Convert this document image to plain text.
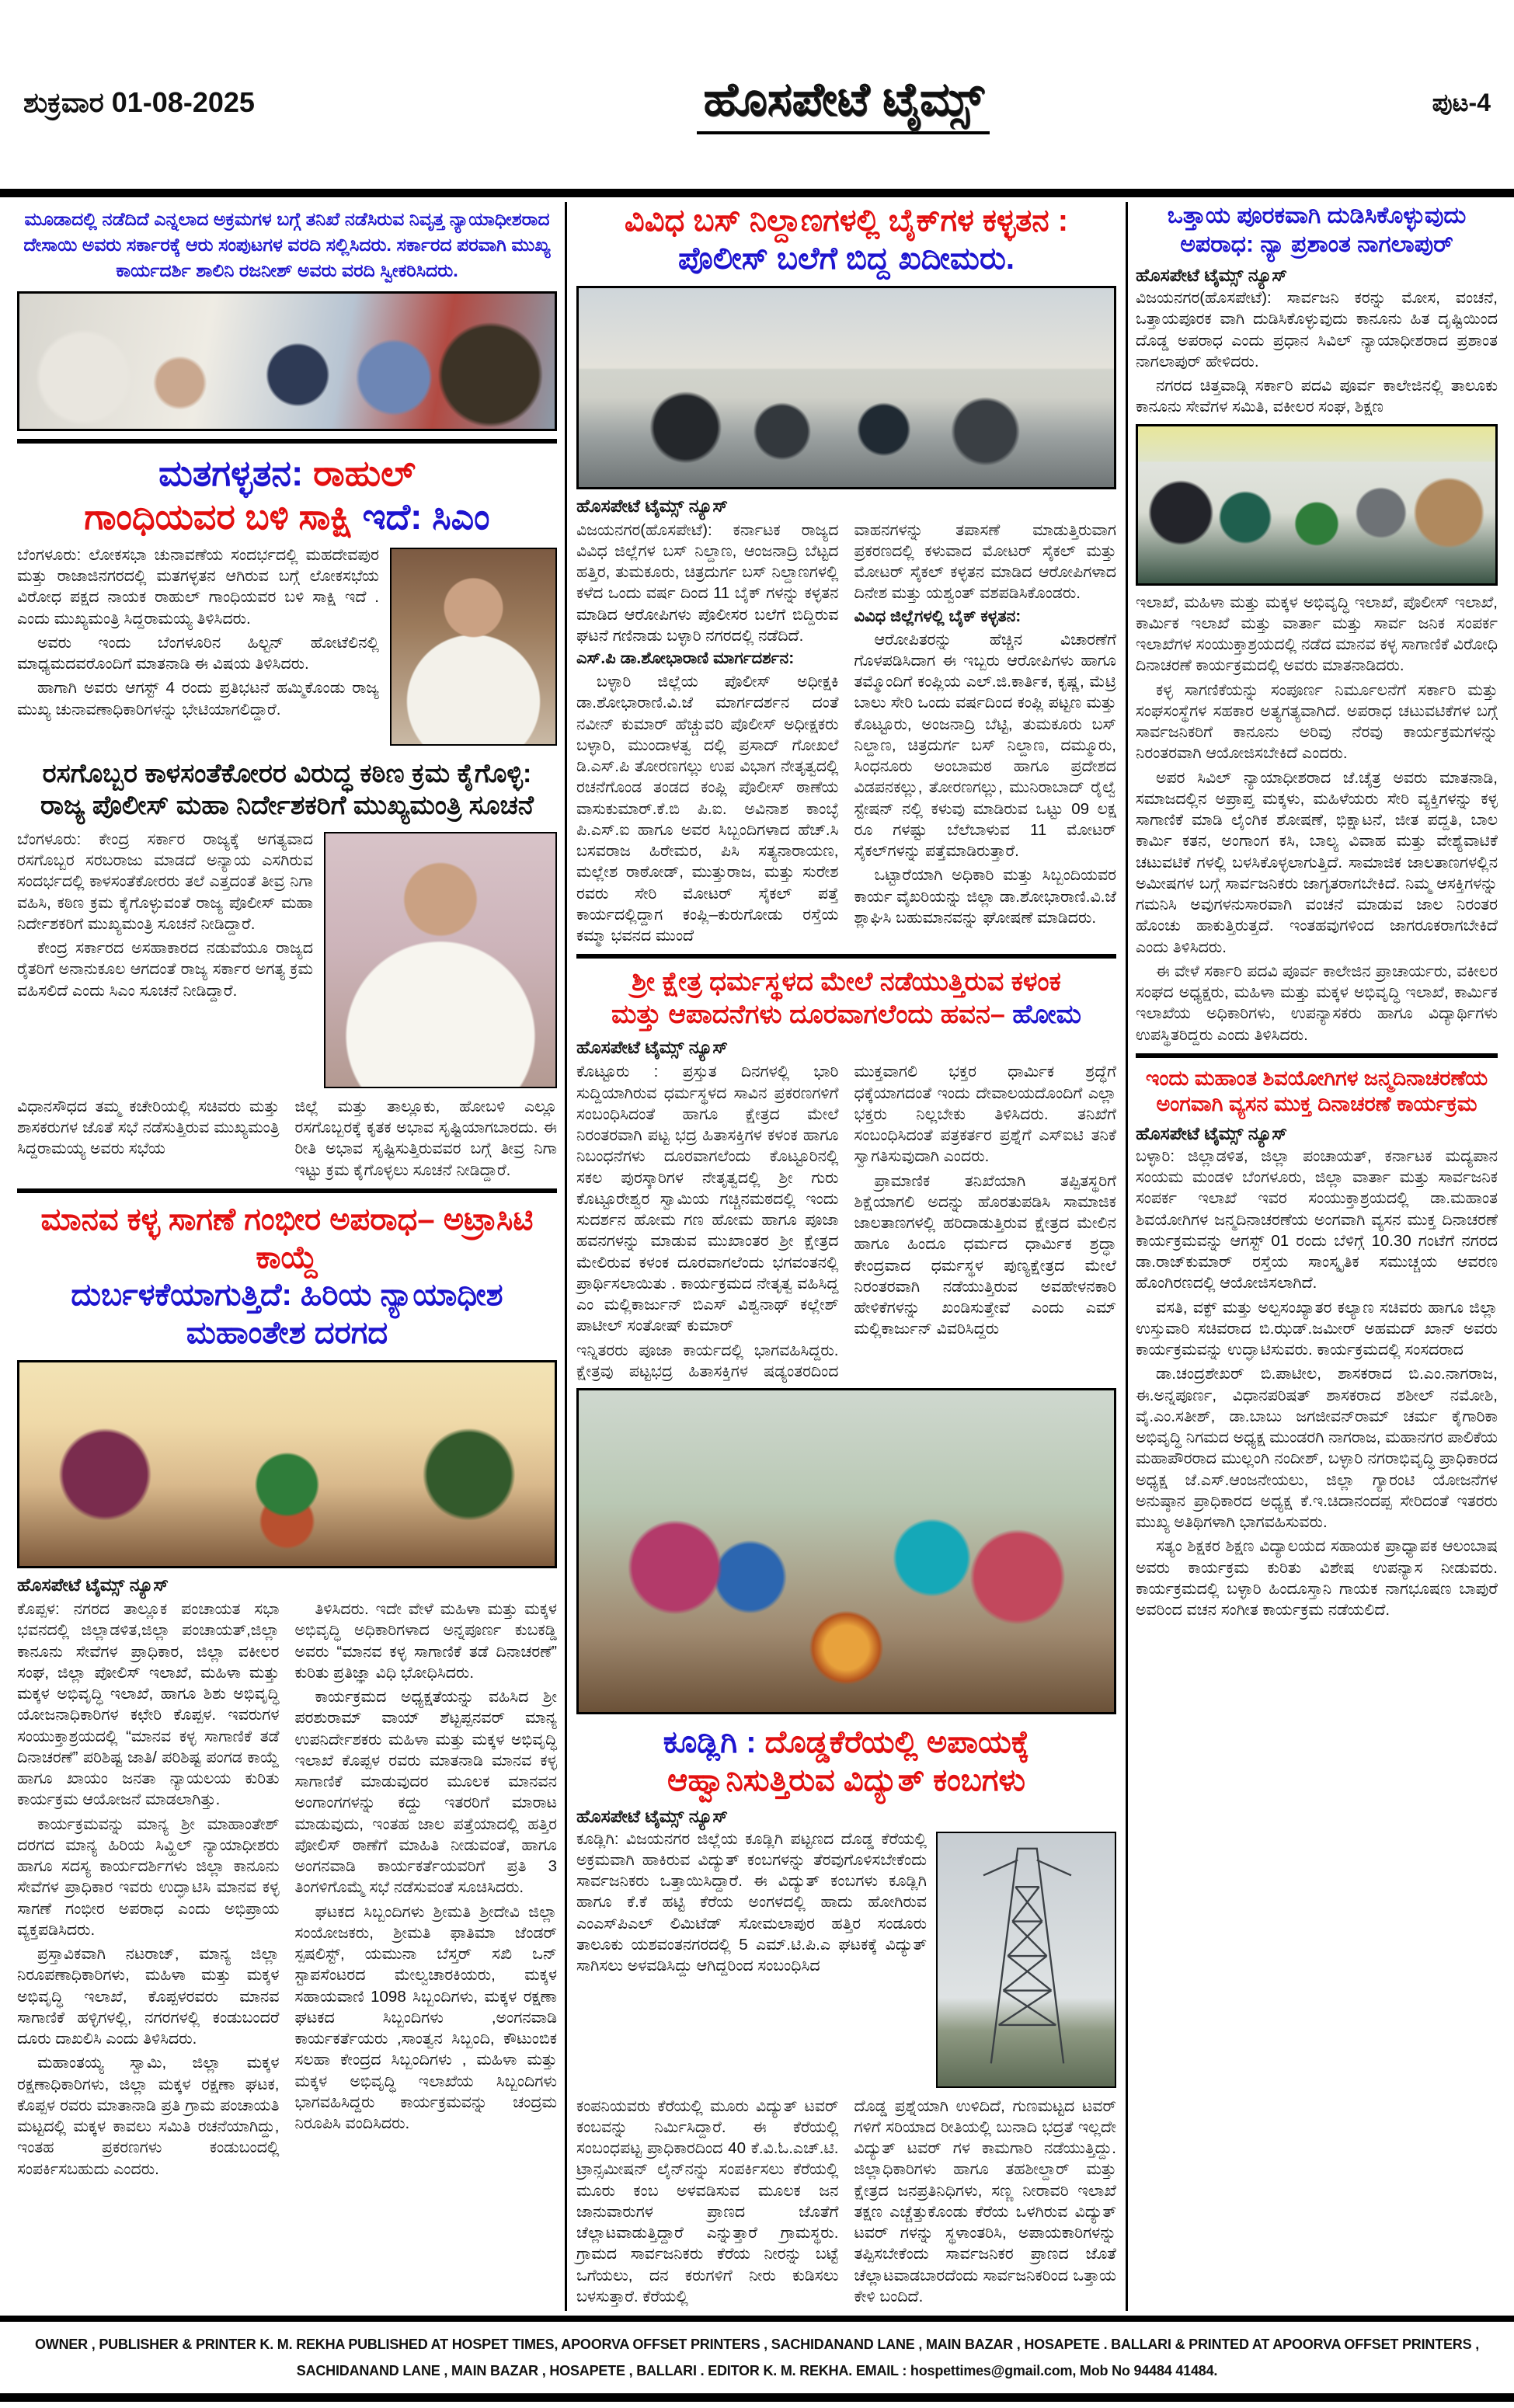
ಶುಕ್ರವಾರ 01-08-2025	ಹೊಸಪೇಟೆ ಟೈಮ್ಸ್	ಪುಟ-4
ಮೂಡಾದಲ್ಲಿ ನಡೆದಿದೆ ಎನ್ನಲಾದ ಅಕ್ರಮಗಳ ಬಗ್ಗೆ ತನಿಖೆ ನಡೆಸಿರುವ ನಿವೃತ್ತ ನ್ಯಾಯಾಧೀಶರಾದ ದೇಸಾಯಿ ಅವರು ಸರ್ಕಾರಕ್ಕೆ ಆರು ಸಂಪುಟಗಳ ವರದಿ ಸಲ್ಲಿಸಿದರು. ಸರ್ಕಾರದ ಪರವಾಗಿ ಮುಖ್ಯ ಕಾರ್ಯದರ್ಶಿ ಶಾಲಿನಿ ರಜನೀಶ್ ಅವರು ವರದಿ ಸ್ವೀಕರಿಸಿದರು.
ಮತಗಳ್ಳತನ: ರಾಹುಲ್
ಗಾಂಧಿಯವರ ಬಳಿ ಸಾಕ್ಷಿ ಇದೆ: ಸಿಎಂ

ಬೆಂಗಳೂರು: ಲೋಕಸಭಾ ಚುನಾವಣೆಯ ಸಂದರ್ಭದಲ್ಲಿ ಮಹದೇವಪುರ ಮತ್ತು ರಾಜಾಜಿನಗರದಲ್ಲಿ ಮತಗಳ್ಳತನ ಆಗಿರುವ ಬಗ್ಗೆ ಲೋಕಸಭೆಯ ವಿರೋಧ ಪಕ್ಷದ ನಾಯಕ ರಾಹುಲ್ ಗಾಂಧಿಯವರ ಬಳಿ ಸಾಕ್ಷಿ ಇದೆ . ಎಂದು ಮುಖ್ಯಮಂತ್ರಿ ಸಿದ್ದರಾಮಯ್ಯ ತಿಳಿಸಿದರು.

ಅವರು ಇಂದು ಬೆಂಗಳೂರಿನ ಹಿಲ್ಟನ್ ಹೋಟೆಲಿನಲ್ಲಿ ಮಾಧ್ಯಮದವರೊಂದಿಗೆ ಮಾತನಾಡಿ ಈ ವಿಷಯ ತಿಳಿಸಿದರು.

ಹಾಗಾಗಿ ಅವರು ಆಗಸ್ಟ್ 4 ರಂದು ಪ್ರತಿಭಟನೆ ಹಮ್ಮಿಕೊಂಡು ರಾಜ್ಯ ಮುಖ್ಯ ಚುನಾವಣಾಧಿಕಾರಿಗಳನ್ನು ಭೇಟಿಯಾಗಲಿದ್ದಾರೆ.

ರಸಗೊಬ್ಬರ ಕಾಳಸಂತೆಕೋರರ ವಿರುದ್ಧ ಕಠಿಣ ಕ್ರಮ ಕೈಗೊಳ್ಳಿ:
ರಾಜ್ಯ ಪೊಲೀಸ್ ಮಹಾ ನಿರ್ದೇಶಕರಿಗೆ ಮುಖ್ಯಮಂತ್ರಿ ಸೂಚನೆ

ಬೆಂಗಳೂರು: ಕೇಂದ್ರ ಸರ್ಕಾರ ರಾಜ್ಯಕ್ಕೆ ಅಗತ್ಯವಾದ ರಸಗೊಬ್ಬರ ಸರಬರಾಜು ಮಾಡದೆ ಅನ್ಯಾಯ ಎಸಗಿರುವ ಸಂದರ್ಭದಲ್ಲಿ ಕಾಳಸಂತೆಕೋರರು ತಲೆ ಎತ್ತದಂತೆ ತೀವ್ರ ನಿಗಾ ವಹಿಸಿ, ಕಠಿಣ ಕ್ರಮ ಕೈಗೊಳ್ಳುವಂತೆ ರಾಜ್ಯ ಪೊಲೀಸ್ ಮಹಾ ನಿರ್ದೇಶಕರಿಗೆ ಮುಖ್ಯಮಂತ್ರಿ ಸೂಚನೆ ನೀಡಿದ್ದಾರೆ.

ಕೇಂದ್ರ ಸರ್ಕಾರದ ಅಸಹಾಕಾರದ ನಡುವೆಯೂ ರಾಜ್ಯದ ರೈತರಿಗೆ ಅನಾನುಕೂಲ ಆಗದಂತೆ ರಾಜ್ಯ ಸರ್ಕಾರ ಅಗತ್ಯ ಕ್ರಮ ವಹಿಸಲಿದೆ ಎಂದು ಸಿಎಂ ಸೂಚನೆ ನೀಡಿದ್ದಾರೆ.

ವಿಧಾನಸೌಧದ ತಮ್ಮ ಕಚೇರಿಯಲ್ಲಿ ಸಚಿವರು ಮತ್ತು ಶಾಸಕರುಗಳ ಜೊತೆ ಸಭೆ ನಡೆಸುತ್ತಿರುವ ಮುಖ್ಯಮಂತ್ರಿ ಸಿದ್ದರಾಮಯ್ಯ ಅವರು ಸಭೆಯ

ಜಿಲ್ಲೆ ಮತ್ತು ತಾಲ್ಲೂಕು, ಹೋಬಳಿ ಎಲ್ಲೂ ರಸಗೊಬ್ಬರಕ್ಕೆ ಕೃತಕ ಅಭಾವ ಸೃಷ್ಟಿಯಾಗಬಾರದು. ಈ ರೀತಿ ಅಭಾವ ಸೃಷ್ಟಿಸುತ್ತಿರುವವರ ಬಗ್ಗೆ ತೀವ್ರ ನಿಗಾ ಇಟ್ಟು ಕ್ರಮ ಕೈಗೊಳ್ಳಲು ಸೂಚನೆ ನೀಡಿದ್ದಾರೆ.

ಮಾನವ ಕಳ್ಳ ಸಾಗಣೆ ಗಂಭೀರ ಅಪರಾಧ– ಅಟ್ರಾಸಿಟಿ ಕಾಯ್ದೆ
ದುರ್ಬಳಕೆಯಾಗುತ್ತಿದೆ: ಹಿರಿಯ ನ್ಯಾಯಾಧೀಶ ಮಹಾಂತೇಶ ದರಗದ
ಹೊಸಪೇಟೆ ಟೈಮ್ಸ್ ನ್ಯೂಸ್

ಕೊಪ್ಪಳ: ನಗರದ ತಾಲ್ಲೂಕ ಪಂಚಾಯತ ಸಭಾ ಭವನದಲ್ಲಿ ಜಿಲ್ಲಾಡಳಿತ,ಜಿಲ್ಲಾ ಪಂಚಾಯತ್,ಜಿಲ್ಲಾ ಕಾನೂನು ಸೇವೆಗಳ ಪ್ರಾಧಿಕಾರ, ಜಿಲ್ಲಾ ವಕೀಲರ ಸಂಘ, ಜಿಲ್ಲಾ ಪೋಲಿಸ್ ಇಲಾಖೆ, ಮಹಿಳಾ ಮತ್ತು ಮಕ್ಕಳ ಅಭಿವೃದ್ಧಿ ಇಲಾಖೆ, ಹಾಗೂ ಶಿಶು ಅಭಿವೃದ್ಧಿ ಯೋಜನಾಧಿಕಾರಿಗಳ ಕಛೇರಿ ಕೊಪ್ಪಳ. ಇವರುಗಳ ಸಂಯುಕ್ತಾಶ್ರಯದಲ್ಲಿ “ಮಾನವ ಕಳ್ಳ ಸಾಗಾಣಿಕೆ ತಡೆ ದಿನಾಚರಣೆ” ಪರಿಶಿಷ್ಟ ಜಾತಿ/ ಪರಿಶಿಷ್ಟ ಪಂಗಡ ಕಾಯ್ದೆ ಹಾಗೂ ಖಾಯಂ ಜನತಾ ನ್ಯಾಯಲಯ ಕುರಿತು ಕಾರ್ಯಕ್ರಮ ಆಯೋಜನೆ ಮಾಡಲಾಗಿತ್ತು.

ಕಾರ್ಯಕ್ರಮವನ್ನು ಮಾನ್ಯ ಶ್ರೀ ಮಾಹಾಂತೇಶ್ ದರಗದ ಮಾನ್ಯ ಹಿರಿಯ ಸಿವ್ಹಿಲ್ ನ್ಯಾಯಾಧೀಶರು ಹಾಗೂ ಸದಸ್ಯ ಕಾರ್ಯದರ್ಶಿಗಳು ಜಿಲ್ಲಾ ಕಾನೂನು ಸೇವೆಗಳ ಪ್ರಾಧಿಕಾರ ಇವರು ಉದ್ಘಾಟಿಸಿ ಮಾನವ ಕಳ್ಳ ಸಾಗಣೆ ಗಂಭೀರ ಅಪರಾಧ ಎಂದು ಅಭಿಪ್ರಾಯ ವ್ಯಕ್ತಪಡಿಸಿದರು.

ಪ್ರಸ್ತಾವಿಕವಾಗಿ ನಟರಾಜ್, ಮಾನ್ಯ ಜಿಲ್ಲಾ ನಿರೂಪಣಾಧಿಕಾರಿಗಳು, ಮಹಿಳಾ ಮತ್ತು ಮಕ್ಕಳ ಅಭಿವೃದ್ಧಿ ಇಲಾಖೆ, ಕೊಪ್ಪಳರವರು ಮಾನವ ಸಾಗಾಣಿಕೆ ಹಳ್ಳಿಗಳಲ್ಲಿ, ನಗರಗಳಲ್ಲಿ ಕಂಡುಬಂದರೆ ದೂರು ದಾಖಲಿಸಿ ಎಂದು ತಿಳಿಸಿದರು.

ಮಹಾಂತಯ್ಯ ಸ್ವಾಮಿ, ಜಿಲ್ಲಾ ಮಕ್ಕಳ ರಕ್ಷಣಾಧಿಕಾರಿಗಳು, ಜಿಲ್ಲಾ ಮಕ್ಕಳ ರಕ್ಷಣಾ ಘಟಕ, ಕೊಪ್ಪಳ ರವರು ಮಾತಾನಾಡಿ ಪ್ರತಿ ಗ್ರಾಮ ಪಂಚಾಯತಿ ಮಟ್ಟದಲ್ಲಿ ಮಕ್ಕಳ ಕಾವಲು ಸಮಿತಿ ರಚನೆಯಾಗಿದ್ದು, ಇಂತಹ ಪ್ರಕರಣಗಳು ಕಂಡುಬಂದಲ್ಲಿ ಸಂಪರ್ಕಿಸಬಹುದು ಎಂದರು.

ತಿಳಿಸಿದರು. ಇದೇ ವೇಳೆ ಮಹಿಳಾ ಮತ್ತು ಮಕ್ಕಳ ಅಭಿವೃದ್ಧಿ ಅಧಿಕಾರಿಗಳಾದ ಅನ್ನಪೂರ್ಣ ಕುಬಕಡ್ಡಿ ಅವರು “ಮಾನವ ಕಳ್ಳ ಸಾಗಾಣಿಕೆ ತಡೆ ದಿನಾಚರಣೆ” ಕುರಿತು ಪ್ರತಿಜ್ಞಾ ವಿಧಿ ಭೋಧಿಸಿದರು.

ಕಾರ್ಯಕ್ರಮದ ಅಧ್ಯಕ್ಷತೆಯನ್ನು ವಹಿಸಿದ ಶ್ರೀ ಪರಶುರಾಮ್ ವಾಯ್ ಶೆಟ್ಟಪ್ಪನವರ್ ಮಾನ್ಯ ಉಪನಿರ್ದೇಶಕರು ಮಹಿಳಾ ಮತ್ತು ಮಕ್ಕಳ ಅಭಿವೃದ್ಧಿ ಇಲಾಖೆ ಕೊಪ್ಪಳ ರವರು ಮಾತನಾಡಿ ಮಾನವ ಕಳ್ಳ ಸಾಗಾಣಿಕೆ ಮಾಡುವುದರ ಮೂಲಕ ಮಾನವನ ಅಂಗಾಂಗಗಳನ್ನು ಕದ್ದು ಇತರರಿಗೆ ಮಾರಾಟ ಮಾಡುವುದು, ಇಂತಹ ಜಾಲ ಪತ್ತೆಯಾದಲ್ಲಿ ಹತ್ತಿರ ಪೋಲಿಸ್ ಠಾಣೆಗೆ ಮಾಹಿತಿ ನೀಡುವಂತೆ, ಹಾಗೂ ಅಂಗನವಾಡಿ ಕಾರ್ಯಕರ್ತೆಯವರಿಗೆ ಪ್ರತಿ 3 ತಿಂಗಳಿಗೊಮ್ಮೆ ಸಭೆ ನಡೆಸುವಂತೆ ಸೂಚಿಸಿದರು.

ಘಟಕದ ಸಿಬ್ಬಂದಿಗಳು ಶ್ರೀಮತಿ ಶ್ರೀದೇವಿ ಜಿಲ್ಲಾ ಸಂಯೋಜಕರು, ಶ್ರೀಮತಿ ಫಾತಿಮಾ ಜೆಂಡರ್ ಸ್ಪಷಲಿಸ್ಟ್, ಯಮುನಾ ಬೆಸ್ತರ್ ಸಖಿ ಒನ್ ಸ್ಟಾಪಸೆಂಟರದ ಮೇಲ್ವಚಾರಕಿಯರು, ಮಕ್ಕಳ ಸಹಾಯವಾಣಿ 1098 ಸಿಬ್ಬಂದಿಗಳು, ಮಕ್ಕಳ ರಕ್ಷಣಾ ಘಟಕದ ಸಿಬ್ಬಂದಿಗಳು ,ಅಂಗನವಾಡಿ ಕಾರ್ಯಕರ್ತೆಯರು ,ಸಾಂತ್ವನ ಸಿಬ್ಬಂದಿ, ಕೌಟುಂಬಿಕ ಸಲಹಾ ಕೇಂದ್ರದ ಸಿಬ್ಬಂದಿಗಳು , ಮಹಿಳಾ ಮತ್ತು ಮಕ್ಕಳ ಅಭಿವೃದ್ಧಿ ಇಲಾಖೆಯ ಸಿಬ್ಬಂದಿಗಳು ಭಾಗವಹಿಸಿದ್ದರು ಕಾರ್ಯಕ್ರಮವನ್ನು ಚಂದ್ರಮ ನಿರೂಪಿಸಿ ವಂದಿಸಿದರು.

ವಿವಿಧ ಬಸ್ ನಿಲ್ದಾಣಗಳಲ್ಲಿ ಬೈಕ್‌ಗಳ ಕಳ್ಳತನ :
ಪೊಲೀಸ್ ಬಲೆಗೆ ಬಿದ್ದ ಖದೀಮರು.
ಹೊಸಪೇಟೆ ಟೈಮ್ಸ್ ನ್ಯೂಸ್

ವಿಜಯನಗರ(ಹೊಸಪೇಟೆ): ಕರ್ನಾಟಕ ರಾಜ್ಯದ ವಿವಿಧ ಜಿಲ್ಲೆಗಳ ಬಸ್ ನಿಲ್ದಾಣ, ಆಂಜನಾದ್ರಿ ಬೆಟ್ಟದ ಹತ್ತಿರ, ತುಮಕೂರು, ಚಿತ್ರದುರ್ಗ ಬಸ್ ನಿಲ್ದಾಣಗಳಲ್ಲಿ ಕಳೆದ ಒಂದು ವರ್ಷ ದಿಂದ 11 ಬೈಕ್ ಗಳನ್ನು ಕಳ್ಳತನ ಮಾಡಿದ ಆರೋಪಿಗಳು ಪೊಲೀಸರ ಬಲೆಗೆ ಬಿದ್ದಿರುವ ಘಟನೆ ಗಣಿನಾಡು ಬಳ್ಳಾರಿ ನಗರದಲ್ಲಿ ನಡೆದಿದೆ.

ಎಸ್.ಪಿ ಡಾ.ಶೋಭಾರಾಣಿ ಮಾರ್ಗದರ್ಶನ:

ಬಳ್ಳಾರಿ ಜಿಲ್ಲೆಯ ಪೊಲೀಸ್ ಅಧೀಕ್ಷಕಿ ಡಾ.ಶೋಭಾರಾಣಿ.ವಿ.ಜೆ ಮಾರ್ಗದರ್ಶನ ದಂತೆ ನವೀನ್ ಕುಮಾರ್ ಹೆಚ್ಚುವರಿ ಪೊಲೀಸ್ ಅಧೀಕ್ಷಕರು ಬಳ್ಳಾರಿ, ಮುಂದಾಳತ್ವ ದಲ್ಲಿ ಪ್ರಸಾದ್ ಗೋಖಲೆ ಡಿ.ಎಸ್.ಪಿ ತೋರಣಗಲ್ಲು ಉಪ ವಿಭಾಗ ನೇತೃತ್ವದಲ್ಲಿ ರಚನೆಗೊಂಡ ತಂಡದ ಕಂಪ್ಲಿ ಪೊಲೀಸ್ ಠಾಣೆಯ ವಾಸುಕುಮಾರ್.ಕೆ.ಬಿ ಪಿ.ಐ. ಅವಿನಾಶ ಕಾಂಬ್ಳೆ ಪಿ.ಎಸ್.ಐ ಹಾಗೂ ಅವರ ಸಿಬ್ಬಂದಿಗಳಾದ ಹೆಚ್.ಸಿ ಬಸವರಾಜ ಹಿರೇಮರ, ಪಿಸಿ ಸತ್ಯನಾರಾಯಣ, ಮಲ್ಲೇಶ ರಾಠೋಡ್, ಮುತ್ತುರಾಜ, ಮತ್ತು ಸುರೇಶ ರವರು ಸೇರಿ ಮೋಟರ್ ಸೈಕಲ್ ಪತ್ತೆ ಕಾರ್ಯದಲ್ಲಿದ್ದಾಗ ಕಂಪ್ಲಿ–ಕುರುಗೋಡು ರಸ್ತೆಯ ಕಮ್ಮಾ ಭವನದ ಮುಂದೆ

ವಾಹನಗಳನ್ನು ತಪಾಸಣೆ ಮಾಡುತ್ತಿರುವಾಗ ಪ್ರಕರಣದಲ್ಲಿ ಕಳುವಾದ ಮೋಟರ್ ಸೈಕಲ್ ಮತ್ತು ಮೋಟರ್ ಸೈಕಲ್ ಕಳ್ಳತನ ಮಾಡಿದ ಆರೋಪಿಗಳಾದ ದಿನೇಶ ಮತ್ತು ಯಶ್ವಂತ್ ವಶಪಡಿಸಿಕೊಂಡರು.

ವಿವಿಧ ಜಿಲ್ಲೆಗಳಲ್ಲಿ ಬೈಕ್ ಕಳ್ಳತನ:

ಆರೋಪಿತರನ್ನು ಹೆಚ್ಚಿನ ವಿಚಾರಣೆಗೆ ಗೊಳಪಡಿಸಿದಾಗ ಈ ಇಬ್ಬರು ಆರೋಪಿಗಳು ಹಾಗೂ ತಮ್ಮೊಂದಿಗೆ ಕಂಪ್ಲಿಯ ಎಲ್.ಜಿ.ಕಾರ್ತಿಕ, ಕೃಷ್ಣ, ಮೆಟ್ರಿ ಬಾಲು ಸೇರಿ ಒಂದು ವರ್ಷದಿಂದ ಕಂಪ್ಲಿ ಪಟ್ಟಣ ಮತ್ತು ಕೊಟ್ಟೂರು, ಅಂಜನಾದ್ರಿ ಬೆಟ್ಟಿ, ತುಮಕೂರು ಬಸ್ ನಿಲ್ದಾಣ, ಚಿತ್ರದುರ್ಗ ಬಸ್ ನಿಲ್ದಾಣ, ದಮ್ಮೂರು, ಸಿಂಧನೂರು ಅಂಬಾಮಠ ಹಾಗೂ ಪ್ರದೇಶದ ವಿಡಪನಕಲ್ಲು, ತೋರಣಗಲ್ಲು, ಮುನಿರಾಬಾದ್ ರೈಲ್ವೆ ಸ್ಟೇಷನ್ ನಲ್ಲಿ ಕಳುವು ಮಾಡಿರುವ ಒಟ್ಟು 09 ಲಕ್ಷ ರೂ ಗಳಷ್ಟು ಬೆಲೆಬಾಳುವ 11 ಮೋಟರ್ ಸೈಕಲ್‌ಗಳನ್ನು ಪತ್ತೆಮಾಡಿರುತ್ತಾರೆ.

ಒಟ್ಟಾರೆಯಾಗಿ ಅಧಿಕಾರಿ ಮತ್ತು ಸಿಬ್ಬಂದಿಯವರ ಕಾರ್ಯ ವೈಖರಿಯನ್ನು ಜಿಲ್ಲಾ ಡಾ.ಶೋಭಾರಾಣಿ.ವಿ.ಜೆ ಶ್ಲಾಘಿಸಿ ಬಹುಮಾನವನ್ನು ಘೋಷಣೆ ಮಾಡಿದರು.

ಶ್ರೀ ಕ್ಷೇತ್ರ ಧರ್ಮಸ್ಥಳದ ಮೇಲೆ ನಡೆಯುತ್ತಿರುವ ಕಳಂಕ
ಮತ್ತು ಆಪಾದನೆಗಳು ದೂರವಾಗಲೆಂದು ಹವನ– ಹೋಮ
ಹೊಸಪೇಟೆ ಟೈಮ್ಸ್ ನ್ಯೂಸ್

ಕೊಟ್ಟೂರು : ಪ್ರಸ್ತುತ ದಿನಗಳಲ್ಲಿ ಭಾರಿ ಸುದ್ದಿಯಾಗಿರುವ ಧರ್ಮಸ್ಥಳದ ಸಾವಿನ ಪ್ರಕರಣಗಳಿಗೆ ಸಂಬಂಧಿಸಿದಂತೆ ಹಾಗೂ ಕ್ಷೇತ್ರದ ಮೇಲೆ ನಿರಂತರವಾಗಿ ಪಟ್ಟ ಭದ್ರ ಹಿತಾಸಕ್ತಿಗಳ ಕಳಂಕ ಹಾಗೂ ನಿಬಂಧನೆಗಳು ದೂರವಾಗಲೆಂದು ಕೊಟ್ಟೂರಿನಲ್ಲಿ ಸಕಲ ಪುರಸ್ಕಾರಿಗಳ ನೇತೃತ್ವದಲ್ಲಿ ಶ್ರೀ ಗುರು ಕೊಟ್ಟೂರೇಶ್ವರ ಸ್ವಾಮಿಯ ಗಚ್ಚಿನಮಠದಲ್ಲಿ ಇಂದು ಸುದರ್ಶನ ಹೋಮ ಗಣ ಹೋಮ ಹಾಗೂ ಪೂಜಾ ಹವನಗಳನ್ನು ಮಾಡುವ ಮುಖಾಂತರ ಶ್ರೀ ಕ್ಷೇತ್ರದ ಮೇಲಿರುವ ಕಳಂಕ ದೂರವಾಗಲೆಂದು ಭಗವಂತನಲ್ಲಿ ಪ್ರಾರ್ಥಿಸಲಾಯಿತು . ಕಾರ್ಯಕ್ರಮದ ನೇತೃತ್ವ ವಹಿಸಿದ್ದ ಎಂ ಮಲ್ಲಿಕಾರ್ಜುನ್ ಬಿಎಸ್ ವಿಶ್ವನಾಥ್ ಕಲ್ಲೇಶ್ ಪಾಟೀಲ್ ಸಂತೋಷ್ ಕುಮಾರ್

ಇನ್ನಿತರರು ಪೂಜಾ ಕಾರ್ಯದಲ್ಲಿ ಭಾಗವಹಿಸಿದ್ದರು. ಕ್ಷೇತ್ರವು ಪಟ್ಟಭದ್ರ ಹಿತಾಸಕ್ತಿಗಳ ಷಡ್ಯಂತರದಿಂದ ಮುಕ್ತವಾಗಲಿ ಭಕ್ತರ ಧಾರ್ಮಿಕ ಶ್ರದ್ಧೆಗೆ ಧಕ್ಕೆಯಾಗದಂತೆ ಇಂದು ದೇವಾಲಯದೊಂದಿಗೆ ಎಲ್ಲಾ ಭಕ್ತರು ನಿಲ್ಲಬೇಕು ತಿಳಿಸಿದರು. ತನಿಖೆಗೆ ಸಂಬಂಧಿಸಿದಂತೆ ಪತ್ರಕರ್ತರ ಪ್ರಶ್ನೆಗೆ ಎಸ್‌ಐಟಿ ತನಿಕೆ ಸ್ವಾಗತಿಸುವುದಾಗಿ ಎಂದರು.

ಪ್ರಾಮಾಣಿಕ ತನಿಖೆಯಾಗಿ ತಪ್ಪಿತಸ್ಥರಿಗೆ ಶಿಕ್ಷೆಯಾಗಲಿ ಅದನ್ನು ಹೊರತುಪಡಿಸಿ ಸಾಮಾಜಿಕ ಜಾಲತಾಣಗಳಲ್ಲಿ ಹರಿದಾಡುತ್ತಿರುವ ಕ್ಷೇತ್ರದ ಮೇಲಿನ ಹಾಗೂ ಹಿಂದೂ ಧರ್ಮದ ಧಾರ್ಮಿಕ ಶ್ರದ್ಧಾ ಕೇಂದ್ರವಾದ ಧರ್ಮಸ್ಥಳ ಪುಣ್ಯಕ್ಷೇತ್ರದ ಮೇಲೆ ನಿರಂತರವಾಗಿ ನಡೆಯುತ್ತಿರುವ ಅವಹೇಳನಕಾರಿ ಹೇಳಿಕೆಗಳನ್ನು ಖಂಡಿಸುತ್ತೇವೆ ಎಂದು ಎಮ್ ಮಲ್ಲಿಕಾರ್ಜುನ್ ವಿವರಿಸಿದ್ದರು

ಕೂಡ್ಲಿಗಿ : ದೊಡ್ಡಕೆರೆಯಲ್ಲಿ ಅಪಾಯಕ್ಕೆ
ಆಹ್ವಾನಿಸುತ್ತಿರುವ ವಿದ್ಯುತ್ ಕಂಬಗಳು
ಹೊಸಪೇಟೆ ಟೈಮ್ಸ್ ನ್ಯೂಸ್

ಕೂಡ್ಲಿಗಿ: ವಿಜಯನಗರ ಜಿಲ್ಲೆಯ ಕೂಡ್ಲಿಗಿ ಪಟ್ಟಣದ ದೊಡ್ಡ ಕೆರೆಯಲ್ಲಿ ಅಕ್ರಮವಾಗಿ ಹಾಕಿರುವ ವಿದ್ಯುತ್ ಕಂಬಗಳನ್ನು ತೆರವುಗೊಳಿಸಬೇಕೆಂದು ಸಾರ್ವಜನಿಕರು ಒತ್ತಾಯಿಸಿದ್ದಾರೆ. ಈ ವಿದ್ಯುತ್ ಕಂಬಗಳು ಕೂಡ್ಲಿಗಿ ಹಾಗೂ ಕೆ.ಕೆ ಹಟ್ಟಿ ಕೆರೆಯ ಅಂಗಳದಲ್ಲಿ ಹಾದು ಹೋಗಿರುವ ಎಂಎಸ್‌ಪಿಎಲ್ ಲಿಮಿಟೆಡ್ ಸೋಮಲಾಪುರ ಹತ್ತಿರ ಸಂಡೂರು ತಾಲೂಕು ಯಶವಂತನಗರದಲ್ಲಿ 5 ಎಮ್.ಟಿ.ಪಿ.ಎ ಘಟಕಕ್ಕೆ ವಿದ್ಯುತ್ ಸಾಗಿಸಲು ಅಳವಡಿಸಿದ್ದು ಆಗಿದ್ದರಿಂದ ಸಂಬಂಧಿಸಿದ

ಕಂಪನಿಯವರು ಕೆರೆಯಲ್ಲಿ ಮೂರು ವಿದ್ಯುತ್ ಟವರ್ ಕಂಬವನ್ನು ನಿರ್ಮಿಸಿದ್ದಾರೆ. ಈ ಕೆರೆಯಲ್ಲಿ ಸಂಬಂಧಪಟ್ಟ ಪ್ರಾಧಿಕಾರದಿಂದ 40 ಕೆ.ವಿ.ಓ.ಎಚ್.ಟಿ. ಟ್ರಾನ್ಸಮೀಷನ್ ಲೈನ್‌ನನ್ನು ಸಂಪರ್ಕಿಸಲು ಕೆರೆಯಲ್ಲಿ ಮೂರು ಕಂಬ ಅಳವಡಿಸುವ ಮೂಲಕ ಜನ ಜಾನುವಾರುಗಳ ಪ್ರಾಣದ ಜೊತೆಗೆ ಚೆಲ್ಲಾಟವಾಡುತ್ತಿದ್ದಾರೆ ಎನ್ನುತ್ತಾರೆ ಗ್ರಾಮಸ್ಥರು. ಗ್ರಾಮದ ಸಾರ್ವಜನಿಕರು ಕೆರೆಯ ನೀರನ್ನು ಬಟ್ಟೆ ಒಗೆಯಲು, ದನ ಕರುಗಳಿಗೆ ನೀರು ಕುಡಿಸಲು ಬಳಸುತ್ತಾರೆ. ಕೆರೆಯಲ್ಲಿ

ದೊಡ್ಡ ಪ್ರಶ್ನೆಯಾಗಿ ಉಳಿದಿದೆ, ಗುಣಮಟ್ಟದ ಟವರ್ ಗಳಿಗೆ ಸರಿಯಾದ ರೀತಿಯಲ್ಲಿ ಬುನಾದಿ ಭದ್ರತೆ ಇಲ್ಲದೇ ವಿದ್ಯುತ್ ಟವರ್ ಗಳ ಕಾಮಗಾರಿ ನಡೆಯುತ್ತಿದ್ದು. ಜಿಲ್ಲಾಧಿಕಾರಿಗಳು ಹಾಗೂ ತಹಶೀಲ್ದಾರ್ ಮತ್ತು ಕ್ಷೇತ್ರದ ಜನಪ್ರತಿನಿಧಿಗಳು, ಸಣ್ಣ ನೀರಾವರಿ ಇಲಾಖೆ ತಕ್ಷಣ ಎಚ್ಚೆತ್ತುಕೊಂಡು ಕೆರೆಯ ಒಳಗಿರುವ ವಿದ್ಯುತ್ ಟವರ್ ಗಳನ್ನು ಸ್ಥಳಾಂತರಿಸಿ, ಅಪಾಯಕಾರಿಗಳನ್ನು ತಪ್ಪಿಸಬೇಕೆಂದು ಸಾರ್ವಜನಿಕರ ಪ್ರಾಣದ ಜೊತೆ ಚೆಲ್ಲಾಟವಾಡಬಾರದೆಂದು ಸಾರ್ವಜನಿಕರಿಂದ ಒತ್ತಾಯ ಕೇಳಿ ಬಂದಿದೆ.

ಒತ್ತಾಯ ಪೂರಕವಾಗಿ ದುಡಿಸಿಕೊಳ್ಳುವುದು
ಅಪರಾಧ: ನ್ಯಾ ಪ್ರಶಾಂತ ನಾಗಲಾಪುರ್
ಹೊಸಪೇಟೆ ಟೈಮ್ಸ್ ನ್ಯೂಸ್

ವಿಜಯನಗರ(ಹೊಸಪೇಟೆ): ಸಾರ್ವಜನಿ ಕರನ್ನು ಮೋಸ, ವಂಚನೆ, ಒತ್ತಾಯಪೂರಕ ವಾಗಿ ದುಡಿಸಿಕೊಳ್ಳುವುದು ಕಾನೂನು ಹಿತ ದೃಷ್ಟಿಯಿಂದ ದೊಡ್ಡ ಅಪರಾಧ ಎಂದು ಪ್ರಧಾನ ಸಿವಿಲ್ ನ್ಯಾಯಾಧೀಶರಾದ ಪ್ರಶಾಂತ ನಾಗಲಾಪುರ್ ಹೇಳಿದರು.

ನಗರದ ಚಿತ್ತವಾಡ್ಗಿ ಸರ್ಕಾರಿ ಪದವಿ ಪೂರ್ವ ಕಾಲೇಜಿನಲ್ಲಿ ತಾಲೂಕು ಕಾನೂನು ಸೇವೆಗಳ ಸಮಿತಿ, ವಕೀಲರ ಸಂಘ, ಶಿಕ್ಷಣ

ಇಲಾಖೆ, ಮಹಿಳಾ ಮತ್ತು ಮಕ್ಕಳ ಅಭಿವೃದ್ಧಿ ಇಲಾಖೆ, ಪೊಲೀಸ್ ಇಲಾಖೆ, ಕಾರ್ಮಿಕ ಇಲಾಖೆ ಮತ್ತು ವಾರ್ತಾ ಮತ್ತು ಸಾರ್ವ ಜನಿಕ ಸಂಪರ್ಕ ಇಲಾಖೆಗಳ ಸಂಯುಕ್ತಾಶ್ರಯದಲ್ಲಿ ನಡೆದ ಮಾನವ ಕಳ್ಳ ಸಾಗಾಣಿಕೆ ವಿರೋಧಿ ದಿನಾಚರಣೆ ಕಾರ್ಯಕ್ರಮದಲ್ಲಿ ಅವರು ಮಾತನಾಡಿದರು.

ಕಳ್ಳ ಸಾಗಣಿಕೆಯನ್ನು ಸಂಪೂರ್ಣ ನಿರ್ಮೂಲನೆಗೆ ಸರ್ಕಾರಿ ಮತ್ತು ಸಂಘಸಂಸ್ಥೆಗಳ ಸಹಕಾರ ಅತ್ಯಗತ್ಯವಾಗಿದೆ. ಅಪರಾಧ ಚಟುವಟಿಕೆಗಳ ಬಗ್ಗೆ ಸಾರ್ವಜನಿಕರಿಗೆ ಕಾನೂನು ಅರಿವು ನೆರವು ಕಾರ್ಯಕ್ರಮಗಳನ್ನು ನಿರಂತರವಾಗಿ ಆಯೋಜಿಸಬೇಕಿದೆ ಎಂದರು.

ಅಪರ ಸಿವಿಲ್ ನ್ಯಾಯಾಧೀಶರಾದ ಜೆ.ಚೈತ್ರ ಅವರು ಮಾತನಾಡಿ, ಸಮಾಜದಲ್ಲಿನ ಅಪ್ರಾಪ್ತ ಮಕ್ಕಳು, ಮಹಿಳೆಯರು ಸೇರಿ ವ್ಯಕ್ತಿಗಳನ್ನು ಕಳ್ಳ ಸಾಗಾಣಿಕೆ ಮಾಡಿ ಲೈಂಗಿಕ ಶೋಷಣೆ, ಭಿಕ್ಷಾಟನೆ, ಜೀತ ಪದ್ದತಿ, ಬಾಲ ಕಾರ್ಮಿ ಕತನ, ಅಂಗಾಂಗ ಕಸಿ, ಬಾಲ್ಯ ವಿವಾಹ ಮತ್ತು ವೇಶ್ಯೆವಾಟಿಕೆ ಚಟುವಟಿಕೆ ಗಳಲ್ಲಿ ಬಳಸಿಕೊಳ್ಳಲಾಗುತ್ತಿದೆ. ಸಾಮಾಜಿಕ ಜಾಲತಾಣಗಳಲ್ಲಿನ ಅಮೀಷಗಳ ಬಗ್ಗೆ ಸಾರ್ವಜನಿಕರು ಜಾಗೃತರಾಗಬೇಕಿದೆ. ನಿಮ್ಮ ಆಸಕ್ತಿಗಳನ್ನು ಗಮನಿಸಿ ಅವುಗಳನುಸಾರವಾಗಿ ವಂಚನೆ ಮಾಡುವ ಜಾಲ ನಿರಂತರ ಹೊಂಚು ಹಾಕುತ್ತಿರುತ್ತದೆ. ಇಂತಹವುಗಳಿಂದ ಜಾಗರೂಕರಾಗಬೇಕಿದೆ ಎಂದು ತಿಳಿಸಿದರು.

ಈ ವೇಳೆ ಸರ್ಕಾರಿ ಪದವಿ ಪೂರ್ವ ಕಾಲೇಜಿನ ಪ್ರಾಚಾರ್ಯರು, ವಕೀಲರ ಸಂಘದ ಅಧ್ಯಕ್ಷರು, ಮಹಿಳಾ ಮತ್ತು ಮಕ್ಕಳ ಅಭಿವೃದ್ಧಿ ಇಲಾಖೆ, ಕಾರ್ಮಿಕ ಇಲಾಖೆಯ ಅಧಿಕಾರಿಗಳು, ಉಪನ್ಯಾಸಕರು ಹಾಗೂ ವಿದ್ಯಾರ್ಥಿಗಳು ಉಪಸ್ಥಿತರಿದ್ದರು ಎಂದು ತಿಳಿಸಿದರು.

ಇಂದು ಮಹಾಂತ ಶಿವಯೋಗಿಗಳ ಜನ್ಮದಿನಾಚರಣೆಯ
ಅಂಗವಾಗಿ ವ್ಯಸನ ಮುಕ್ತ ದಿನಾಚರಣೆ ಕಾರ್ಯಕ್ರಮ
ಹೊಸಪೇಟೆ ಟೈಮ್ಸ್ ನ್ಯೂಸ್

ಬಳ್ಳಾರಿ: ಜಿಲ್ಲಾಡಳಿತ, ಜಿಲ್ಲಾ ಪಂಚಾಯತ್, ಕರ್ನಾಟಕ ಮದ್ಯಪಾನ ಸಂಯಮ ಮಂಡಳಿ ಬೆಂಗಳೂರು, ಜಿಲ್ಲಾ ವಾರ್ತಾ ಮತ್ತು ಸಾರ್ವಜನಿಕ ಸಂಪರ್ಕ ಇಲಾಖೆ ಇವರ ಸಂಯುಕ್ತಾಶ್ರಯದಲ್ಲಿ ಡಾ.ಮಹಾಂತ ಶಿವಯೋಗಿಗಳ ಜನ್ಮದಿನಾಚರಣೆಯ ಅಂಗವಾಗಿ ವ್ಯಸನ ಮುಕ್ತ ದಿನಾಚರಣೆ ಕಾರ್ಯಕ್ರಮವನ್ನು ಆಗಸ್ಟ್ 01 ರಂದು ಬೆಳಿಗ್ಗೆ 10.30 ಗಂಟೆಗೆ ನಗರದ ಡಾ.ರಾಜ್‌ಕುಮಾರ್ ರಸ್ತೆಯ ಸಾಂಸ್ಕೃತಿಕ ಸಮುಚ್ಚಯ ಆವರಣ ಹೊಂಗಿರಣದಲ್ಲಿ ಆಯೋಜಿಸಲಾಗಿದೆ.

ವಸತಿ, ವಕ್ಫ್ ಮತ್ತು ಅಲ್ಪಸಂಖ್ಯಾತರ ಕಲ್ಯಾಣ ಸಚಿವರು ಹಾಗೂ ಜಿಲ್ಲಾ ಉಸ್ತುವಾರಿ ಸಚಿವರಾದ ಬಿ.ಝಡ್.ಜಮೀರ್ ಅಹಮದ್ ಖಾನ್ ಅವರು ಕಾರ್ಯಕ್ರಮವನ್ನು ಉದ್ಘಾಟಿಸುವರು. ಕಾರ್ಯಕ್ರಮದಲ್ಲಿ ಸಂಸದರಾದ

ಡಾ.ಚಂದ್ರಶೇಖರ್ ಬಿ.ಪಾಟೀಲ, ಶಾಸಕರಾದ ಬಿ.ಎಂ.ನಾಗರಾಜ, ಈ.ಅನ್ನಪೂರ್ಣ, ವಿಧಾನಪರಿಷತ್ ಶಾಸಕರಾದ ಶಶೀಲ್ ನಮೋಶಿ, ವೈ.ಎಂ.ಸತೀಶ್, ಡಾ.ಬಾಬು ಜಗಜೀವನ್‌ರಾಮ್ ಚರ್ಮ ಕೈಗಾರಿಕಾ ಅಭಿವೃದ್ಧಿ ನಿಗಮದ ಅಧ್ಯಕ್ಷ ಮುಂಡರಗಿ ನಾಗರಾಜ, ಮಹಾನಗರ ಪಾಲಿಕೆಯ ಮಹಾಪೌರರಾದ ಮುಲ್ಲಂಗಿ ನಂದೀಶ್, ಬಳ್ಳಾರಿ ನಗರಾಭಿವೃದ್ಧಿ ಪ್ರಾಧಿಕಾರದ ಅಧ್ಯಕ್ಷ ಜೆ.ಎಸ್.ಆಂಜನೇಯಲು, ಜಿಲ್ಲಾ ಗ್ಯಾರಂಟಿ ಯೋಜನೆಗಳ ಅನುಷ್ಠಾನ ಪ್ರಾಧಿಕಾರದ ಅಧ್ಯಕ್ಷ ಕೆ.ಇ.ಚಿದಾನಂದಪ್ಪ ಸೇರಿದಂತೆ ಇತರರು ಮುಖ್ಯ ಅತಿಥಿಗಳಾಗಿ ಭಾಗವಹಿಸುವರು.

ಸತ್ಯಂ ಶಿಕ್ಷಕರ ಶಿಕ್ಷಣ ವಿದ್ಯಾಲಯದ ಸಹಾಯಕ ಪ್ರಾಧ್ಯಾಪಕ ಆಲಂಬಾಷ ಅವರು ಕಾರ್ಯಕ್ರಮ ಕುರಿತು ವಿಶೇಷ ಉಪನ್ಯಾಸ ನೀಡುವರು. ಕಾರ್ಯಕ್ರಮದಲ್ಲಿ ಬಳ್ಳಾರಿ ಹಿಂದೂಸ್ತಾನಿ ಗಾಯಕ ನಾಗಭೂಷಣ ಬಾಪುರೆ ಅವರಿಂದ ವಚನ ಸಂಗೀತ ಕಾರ್ಯಕ್ರಮ ನಡೆಯಲಿದೆ.

OWNER , PUBLISHER & PRINTER K. M. REKHA PUBLISHED AT HOSPET TIMES, APOORVA OFFSET PRINTERS , SACHIDANAND LANE , MAIN BAZAR , HOSAPETE . BALLARI & PRINTED AT APOORVA OFFSET PRINTERS ,
SACHIDANAND LANE , MAIN BAZAR , HOSAPETE , BALLARI . EDITOR K. M. REKHA. EMAIL : hospettimes@gmail.com, Mob No 94484 41484.
